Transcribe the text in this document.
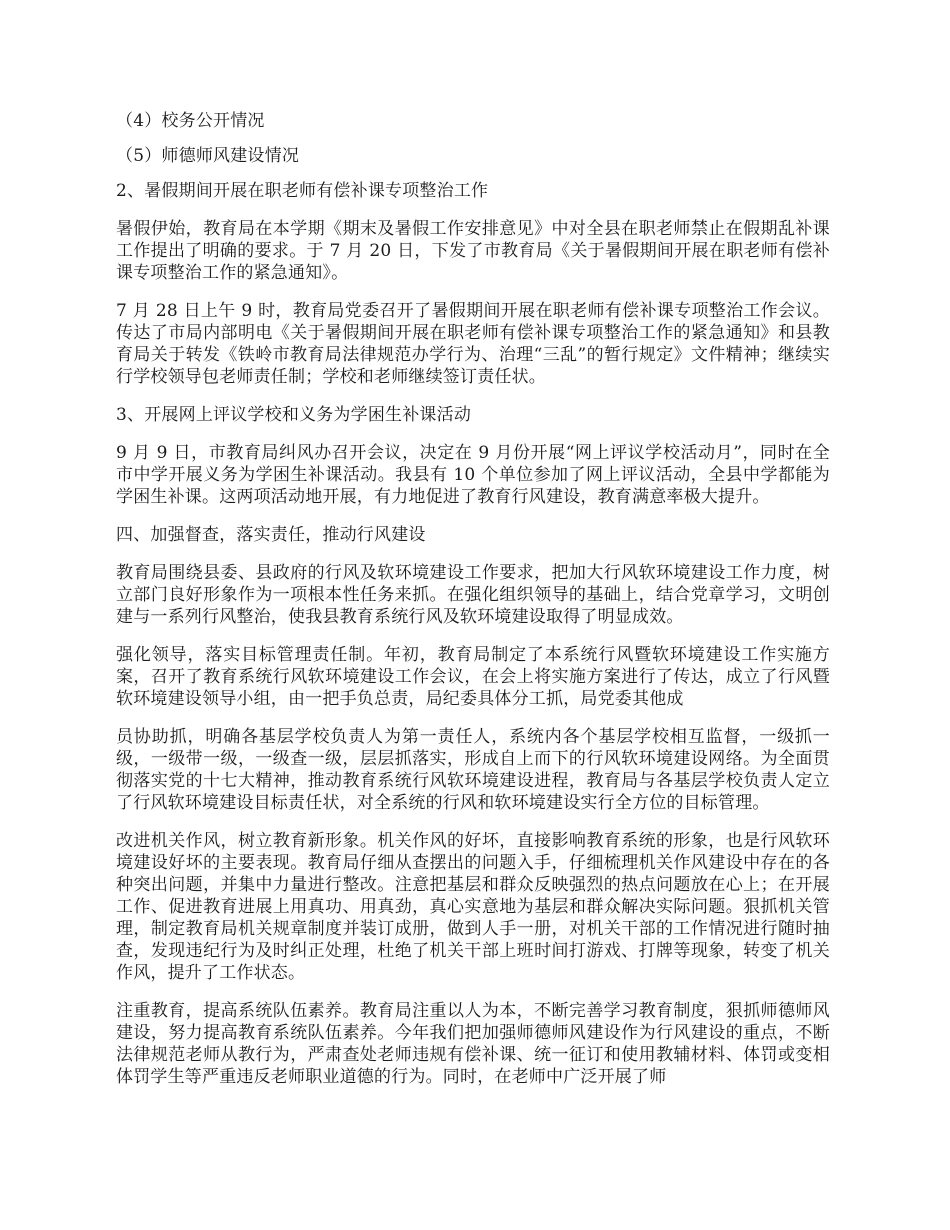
（4）校务公开情况

（5）师德师风建设情况

2、暑假期间开展在职老师有偿补课专项整治工作

暑假伊始，教育局在本学期《期末及暑假工作安排意见》中对全县在职老师禁止在假期乱补课工作提出了明确的要求。于 7 月 20 日，下发了市教育局《关于暑假期间开展在职老师有偿补课专项整治工作的紧急通知》。

7 月 28 日上午 9 时，教育局党委召开了暑假期间开展在职老师有偿补课专项整治工作会议。传达了市局内部明电《关于暑假期间开展在职老师有偿补课专项整治工作的紧急通知》和县教育局关于转发《铁岭市教育局法律规范办学行为、治理“三乱”的暂行规定》文件精神；继续实行学校领导包老师责任制；学校和老师继续签订责任状。

3、开展网上评议学校和义务为学困生补课活动

9 月 9 日，市教育局纠风办召开会议，决定在 9 月份开展“网上评议学校活动月”，同时在全市中学开展义务为学困生补课活动。我县有 10 个单位参加了网上评议活动，全县中学都能为学困生补课。这两项活动地开展，有力地促进了教育行风建设，教育满意率极大提升。

四、加强督查，落实责任，推动行风建设

教育局围绕县委、县政府的行风及软环境建设工作要求，把加大行风软环境建设工作力度，树立部门良好形象作为一项根本性任务来抓。在强化组织领导的基础上，结合党章学习，文明创建与一系列行风整治，使我县教育系统行风及软环境建设取得了明显成效。

强化领导，落实目标管理责任制。年初，教育局制定了本系统行风暨软环境建设工作实施方案，召开了教育系统行风软环境建设工作会议，在会上将实施方案进行了传达，成立了行风暨软环境建设领导小组，由一把手负总责，局纪委具体分工抓，局党委其他成

员协助抓，明确各基层学校负责人为第一责任人，系统内各个基层学校相互监督，一级抓一级，一级带一级，一级查一级，层层抓落实，形成自上而下的行风软环境建设网络。为全面贯彻落实党的十七大精神，推动教育系统行风软环境建设进程，教育局与各基层学校负责人定立了行风软环境建设目标责任状，对全系统的行风和软环境建设实行全方位的目标管理。

改进机关作风，树立教育新形象。机关作风的好坏，直接影响教育系统的形象，也是行风软环境建设好坏的主要表现。教育局仔细从查摆出的问题入手，仔细梳理机关作风建设中存在的各种突出问题，并集中力量进行整改。注意把基层和群众反映强烈的热点问题放在心上；在开展工作、促进教育进展上用真功、用真劲，真心实意地为基层和群众解决实际问题。狠抓机关管理，制定教育局机关规章制度并装订成册，做到人手一册，对机关干部的工作情况进行随时抽查，发现违纪行为及时纠正处理，杜绝了机关干部上班时间打游戏、打牌等现象，转变了机关作风，提升了工作状态。

注重教育，提高系统队伍素养。教育局注重以人为本，不断完善学习教育制度，狠抓师德师风建设，努力提高教育系统队伍素养。今年我们把加强师德师风建设作为行风建设的重点，不断法律规范老师从教行为，严肃查处老师违规有偿补课、统一征订和使用教辅材料、体罚或变相体罚学生等严重违反老师职业道德的行为。同时，在老师中广泛开展了师
